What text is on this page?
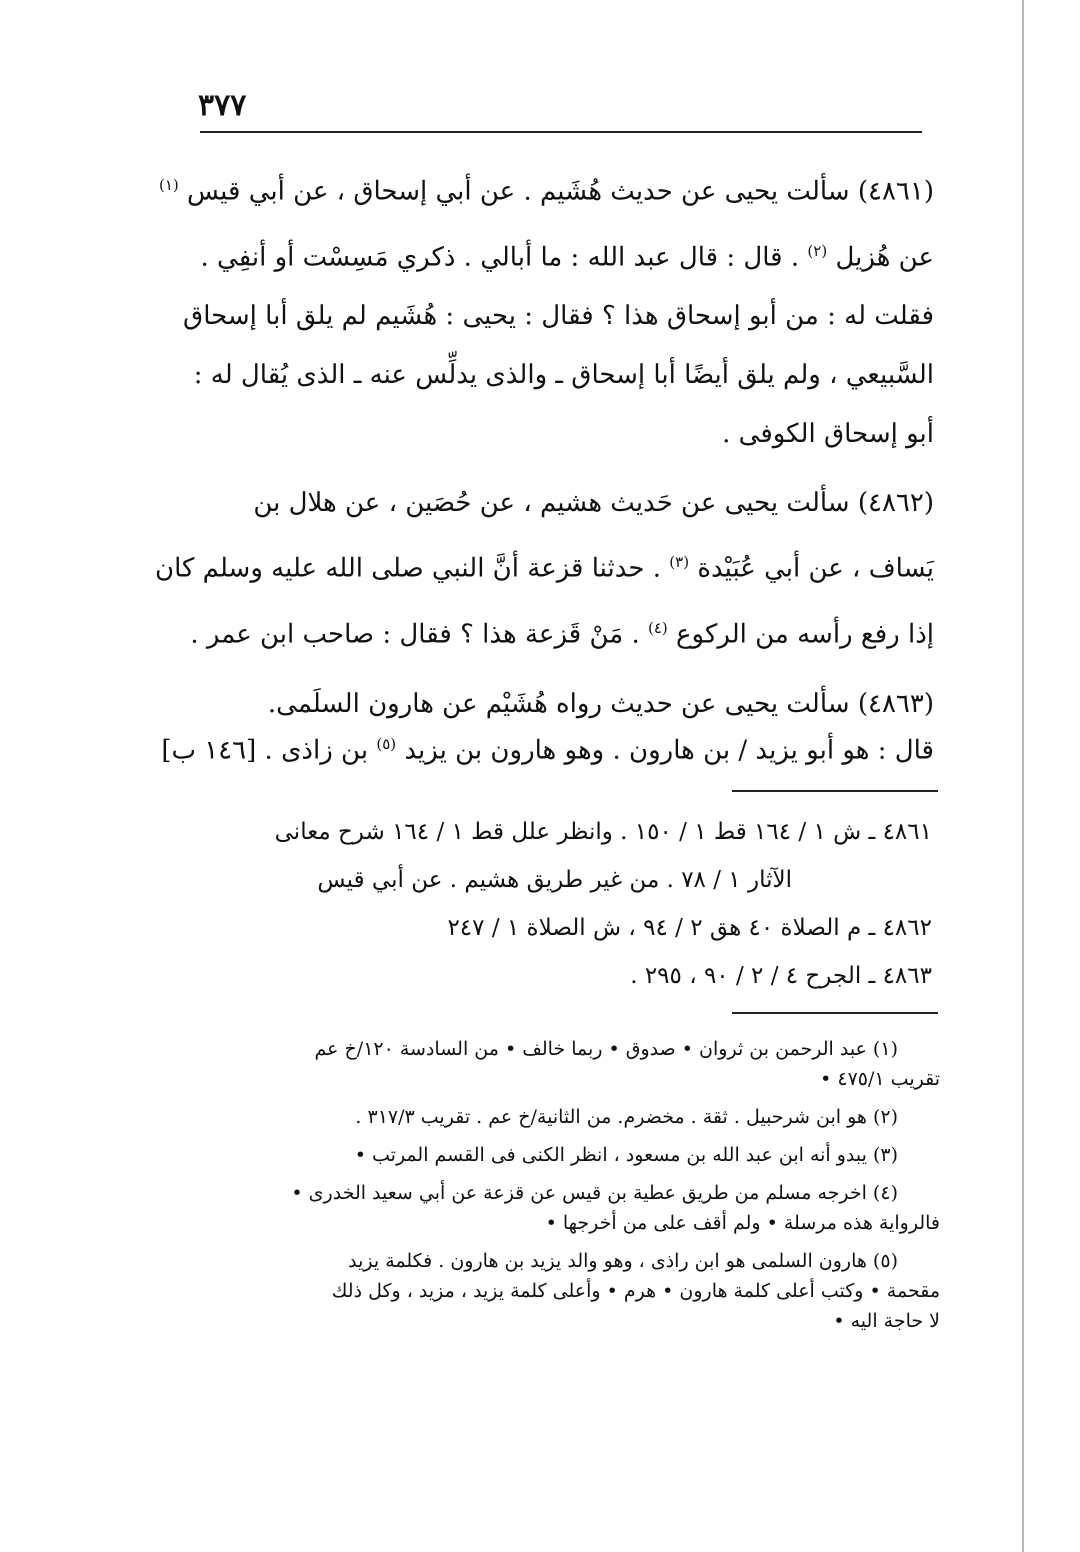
٣٧٧
(٤٨٦١) سألت يحيى عن حديث هُشَيم . عن أبي إسحاق ، عن أبي قيس $^{(١)}$
عن هُزيل $^{(٢)}$ . قال : قال عبد الله : ما أبالي . ذكري مَسِسْت أو أنفِي .
فقلت له : من أبو إسحاق هذا ؟ فقال : يحيى : هُشَيم لم يلق أبا إسحاق
السَّبيعي ، ولم يلق أيضًا أبا إسحاق ـ والذى يدلِّس عنه ـ الذى يُقال له :
أبو إسحاق الكوفى .
(٤٨٦٢) سألت يحيى عن حَديث هشيم ، عن حُصَين ، عن هلال بن
يَساف ، عن أبي عُبَيْدة $^{(٣)}$ . حدثنا قزعة أنَّ النبي صلى الله عليه وسلم كان
إذا رفع رأسه من الركوع $^{(٤)}$ . مَنْ قَزعة هذا ؟ فقال : صاحب ابن عمر .
(٤٨٦٣) سألت يحيى عن حديث رواه هُشَيْم عن هارون السلَمى.
قال : هو أبو يزيد / بن هارون . وهو هارون بن يزيد $^{(٥)}$ بن زاذى . [١٤٦ ب]
٤٨٦١ ـ ش ١ / ١٦٤ قط ١ / ١٥٠ . وانظر علل قط ١ / ١٦٤ شرح معانى
الآثار ١ / ٧٨ . من غير طريق هشيم . عن أبي قيس
٤٨٦٢ ـ م الصلاة ٤٠ هق ٢ / ٩٤ ، ش الصلاة ١ / ٢٤٧
٤٨٦٣ ـ الجرح ٤ / ٢ / ٩٠ ، ٢٩٥ .
(١) عبد الرحمن بن ثروان • صدوق • ربما خالف • من السادسة ١٢٠/خ عم
تقريب ٤٧٥/١ •
(٢) هو ابن شرحبيل . ثقة . مخضرم. من الثانية/خ عم . تقريب ٣١٧/٣ .
(٣) يبدو أنه ابن عبد الله بن مسعود ، انظر الكنى فى القسم المرتب •
(٤) اخرجه مسلم من طريق عطية بن قيس عن قزعة عن أبي سعيد الخدرى •
فالرواية هذه مرسلة • ولم أقف على من أخرجها •
(٥) هارون السلمى هو ابن راذى ، وهو والد يزيد بن هارون . فكلمة يزيد
مقحمة • وكتب أعلى كلمة هارون • هرم • وأعلى كلمة يزيد ، مزيد ، وكل ذلك
لا حاجة اليه •
